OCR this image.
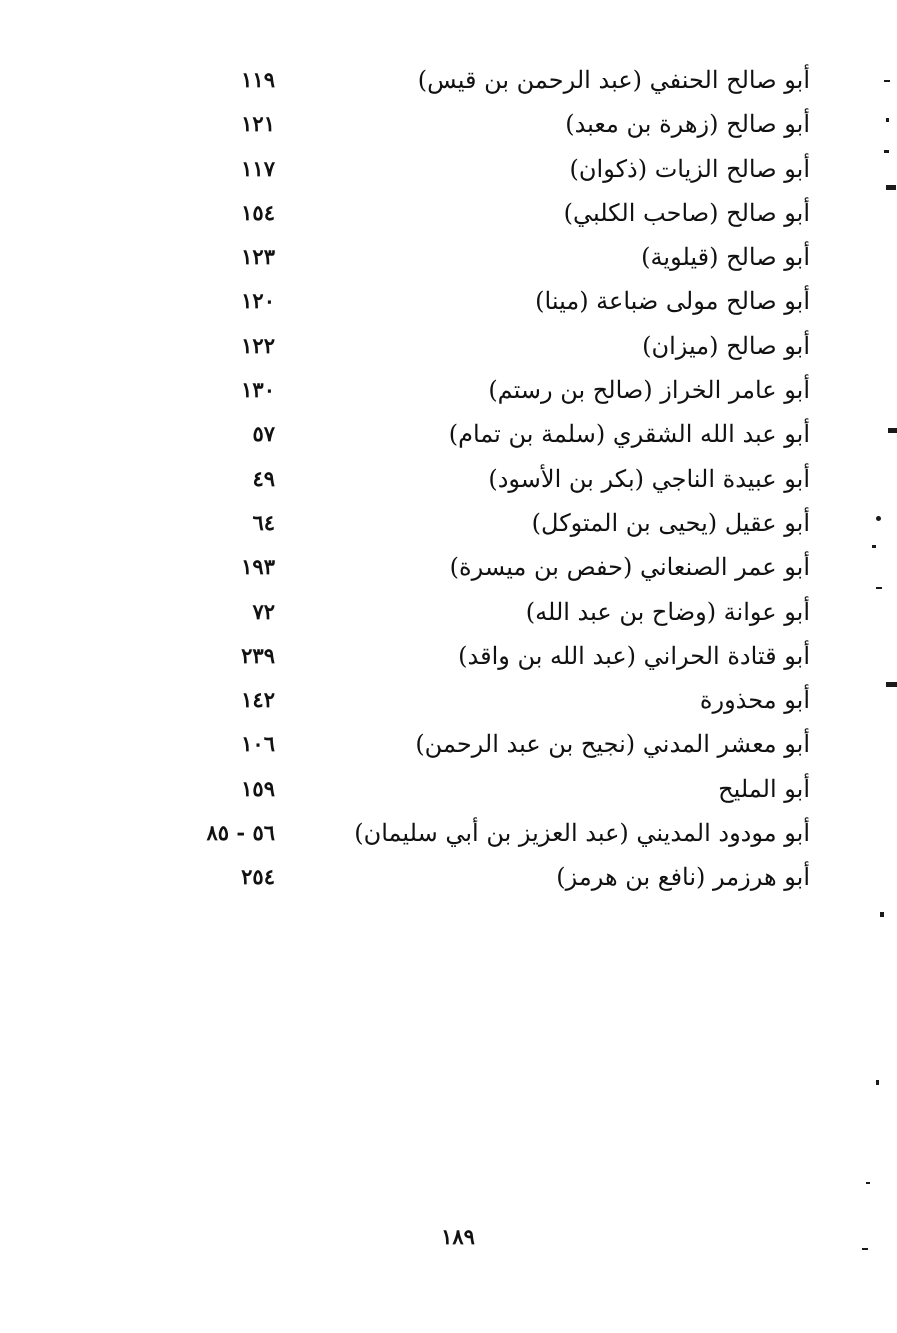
أبو صالح الحنفي (عبد الرحمن بن قيس)
١١٩
أبو صالح (زهرة بن معبد)
١٢١
أبو صالح الزيات (ذكوان)
١١٧
أبو صالح (صاحب الكلبي)
١٥٤
أبو صالح (قيلوية)
١٢٣
أبو صالح مولى ضباعة (مينا)
١٢٠
أبو صالح (ميزان)
١٢٢
أبو عامر الخراز (صالح بن رستم)
١٣٠
أبو عبد الله الشقري (سلمة بن تمام)
٥٧
أبو عبيدة الناجي (بكر بن الأسود)
٤٩
أبو عقيل (يحيى بن المتوكل)
٦٤
أبو عمر الصنعاني (حفص بن ميسرة)
١٩٣
أبو عوانة (وضاح بن عبد الله)
٧٢
أبو قتادة الحراني (عبد الله بن واقد)
٢٣٩
أبو محذورة
١٤٢
أبو معشر المدني (نجيح بن عبد الرحمن)
١٠٦
أبو المليح
١٥٩
أبو مودود المديني (عبد العزيز بن أبي سليمان)
٥٦ - ٨٥
أبو هرزمر (نافع بن هرمز)
٢٥٤
١٨٩
